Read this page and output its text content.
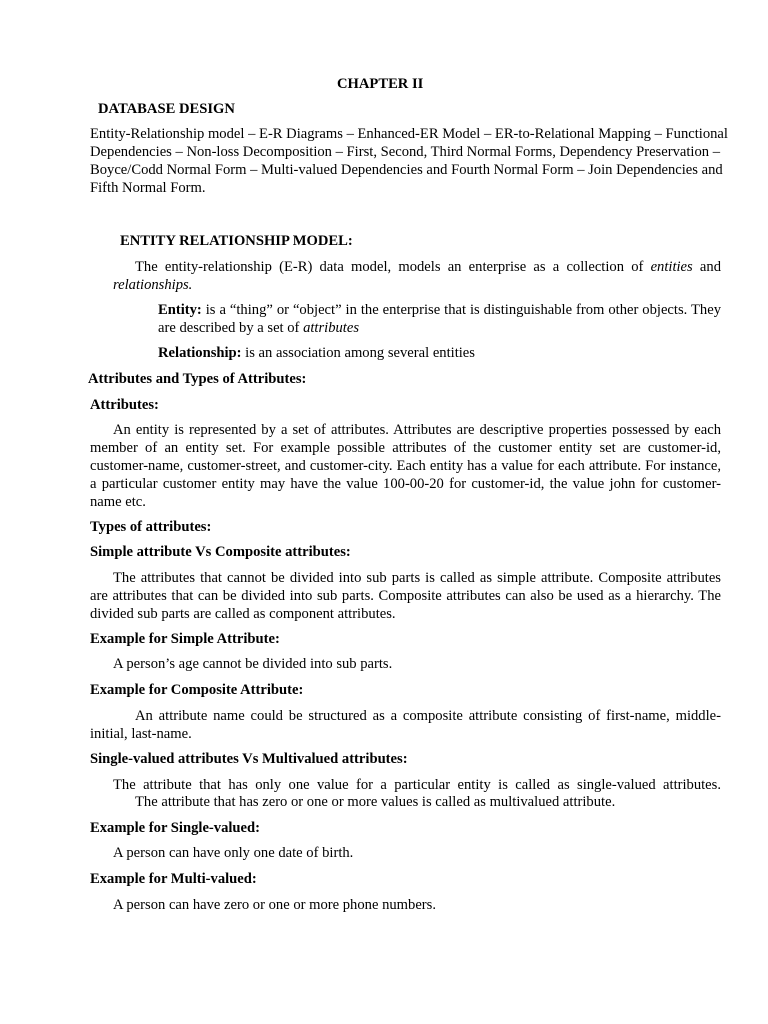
CHAPTER II
DATABASE DESIGN
Entity-Relationship model – E-R Diagrams – Enhanced-ER Model – ER-to-Relational Mapping – Functional Dependencies – Non-loss Decomposition – First, Second, Third Normal Forms, Dependency Preservation – Boyce/Codd Normal Form – Multi-valued Dependencies and Fourth Normal Form – Join Dependencies and Fifth Normal Form.
ENTITY RELATIONSHIP MODEL:
The entity-relationship (E-R) data model, models an enterprise as a collection of entities and relationships.
Entity: is a “thing” or “object” in the enterprise that is distinguishable from other objects. They are described by a set of attributes
Relationship: is an association among several entities
Attributes and Types of Attributes:
Attributes:
An entity is represented by a set of attributes. Attributes are descriptive properties possessed by each member of an entity set. For example possible attributes of the customer entity set are customer-id, customer-name, customer-street, and customer-city. Each entity has a value for each attribute. For instance, a particular customer entity may have the value 100-00-20 for customer-id, the value john for customer-name etc.
Types of attributes:
Simple attribute Vs Composite attributes:
The attributes that cannot be divided into sub parts is called as simple attribute. Composite attributes are attributes that can be divided into sub parts. Composite attributes can also be used as a hierarchy. The divided sub parts are called as component attributes.
Example for Simple Attribute:
A person’s age cannot be divided into sub parts.
Example for Composite Attribute:
An attribute name could be structured as a composite attribute consisting of first-name, middle-initial, last-name.
Single-valued attributes Vs Multivalued attributes:
The attribute that has only one value for a particular entity is called as single-valued attributes.
The attribute that has zero or one or more values is called as multivalued attribute.
Example for Single-valued:
A person can have only one date of birth.
Example for Multi-valued:
A person can have zero or one or more phone numbers.
